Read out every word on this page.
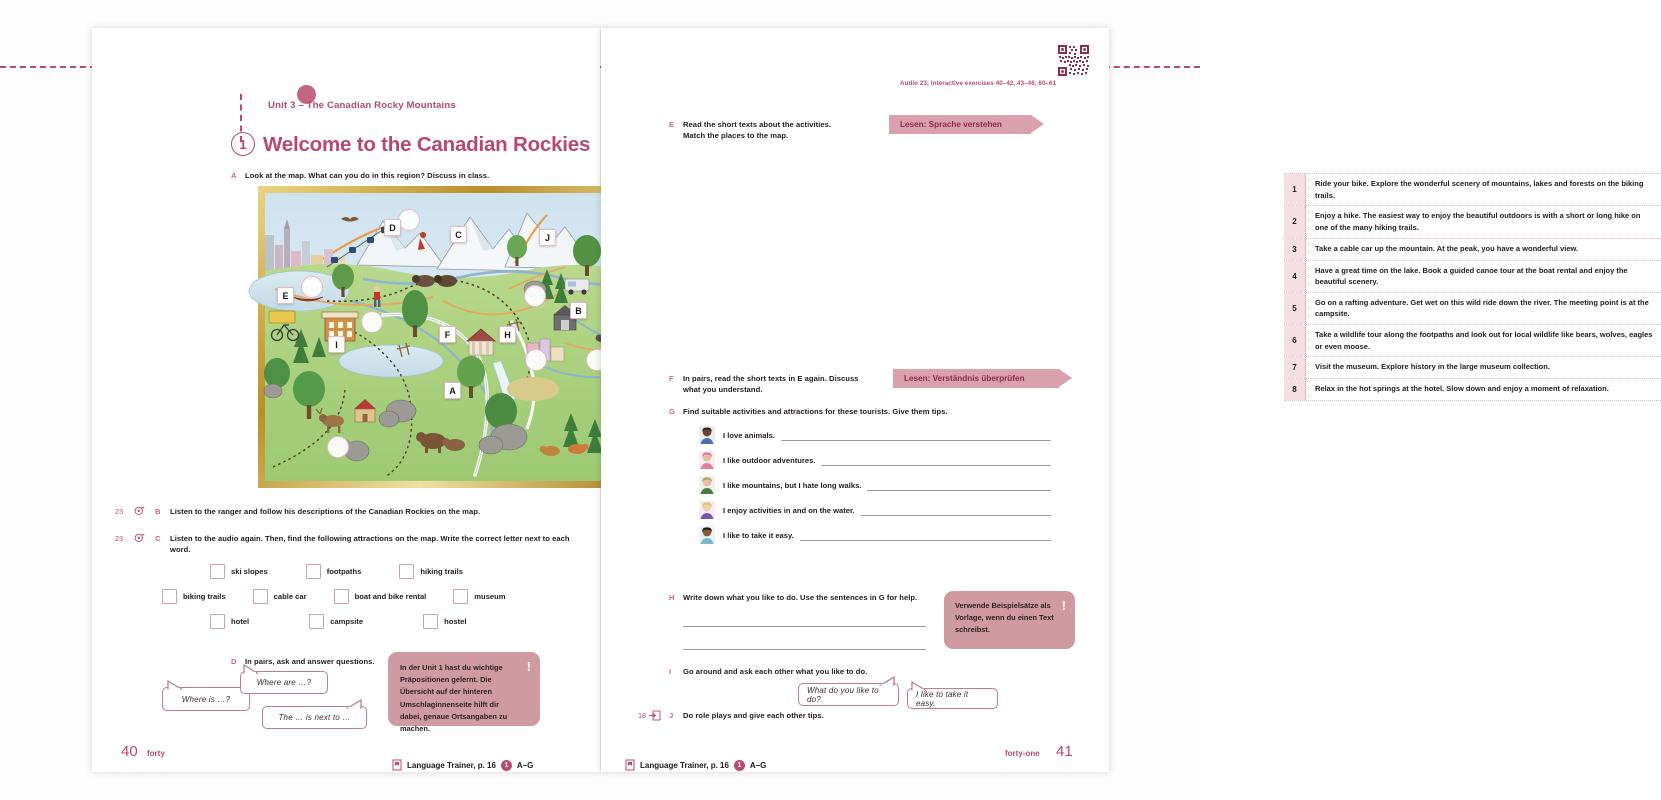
Unit 3 – The Canadian Rocky Mountains
1 Welcome to the Canadian Rockies
A Look at the map. What can you do in this region? Discuss in class.
D
C	J
E
B
I
F	H
A
23	B Listen to the ranger and follow his descriptions of the Canadian Rockies on the map.
23	C Listen to the audio again. Then, find the following attractions on the map. Write the correct letter next to each word.
ski slopes	footpaths	hiking trails
biking trails	cable car	boat and bike rental	museum
hotel	campsite	hostel
D In pairs, ask and answer questions.
Where is …?
Where are …?
The … is next to …
!
In der Unit 1 hast du wichtige Präpositionen gelernt. Die Übersicht auf der hinteren Umschlaginnenseite hilft dir dabei, genaue Ortsangaben zu machen.
40 forty
Language Trainer, p. 16	1	A–G
Audio 23; Interactive exercises 40–42, 43–46, 60–61
E Read the short texts about the activities.
Match the places to the map.
Lesen: Sprache verstehen
1
Ride your bike. Explore the wonderful scenery of mountains, lakes and forests on the biking trails.
2
Enjoy a hike. The easiest way to enjoy the beautiful outdoors is with a short or long hike on one of the many hiking trails.
3	Take a cable car up the mountain. At the peak, you have a wonderful view.
4
Have a great time on the lake. Book a guided canoe tour at the boat rental and enjoy the beautiful scenery.
5
Go on a rafting adventure. Get wet on this wild ride down the river. The meeting point is at the campsite.
6
Take a wildlife tour along the footpaths and look out for local wildlife like bears, wolves, eagles or even moose.
7	Visit the museum. Explore history in the large museum collection.
8	Relax in the hot springs at the hotel. Slow down and enjoy a moment of relaxation.
F In pairs, read the short texts in E again. Discuss
what you understand.
Lesen: Verständnis überprüfen
G Find suitable activities and attractions for these tourists. Give them tips.
I love animals.
I like outdoor adventures.
I like mountains, but I hate long walks.
I enjoy activities in and on the water.
I like to take it easy.
H Write down what you like to do. Use the sentences in G for help.
!
Verwende Beispielsätze als Vorlage, wenn du einen Text schreibst.
I Go around and ask each other what you like to do.
What do you like to do?
I like to take it easy.
18	J Do role plays and give each other tips.
Language Trainer, p. 16	1	A–G
forty-one 41
